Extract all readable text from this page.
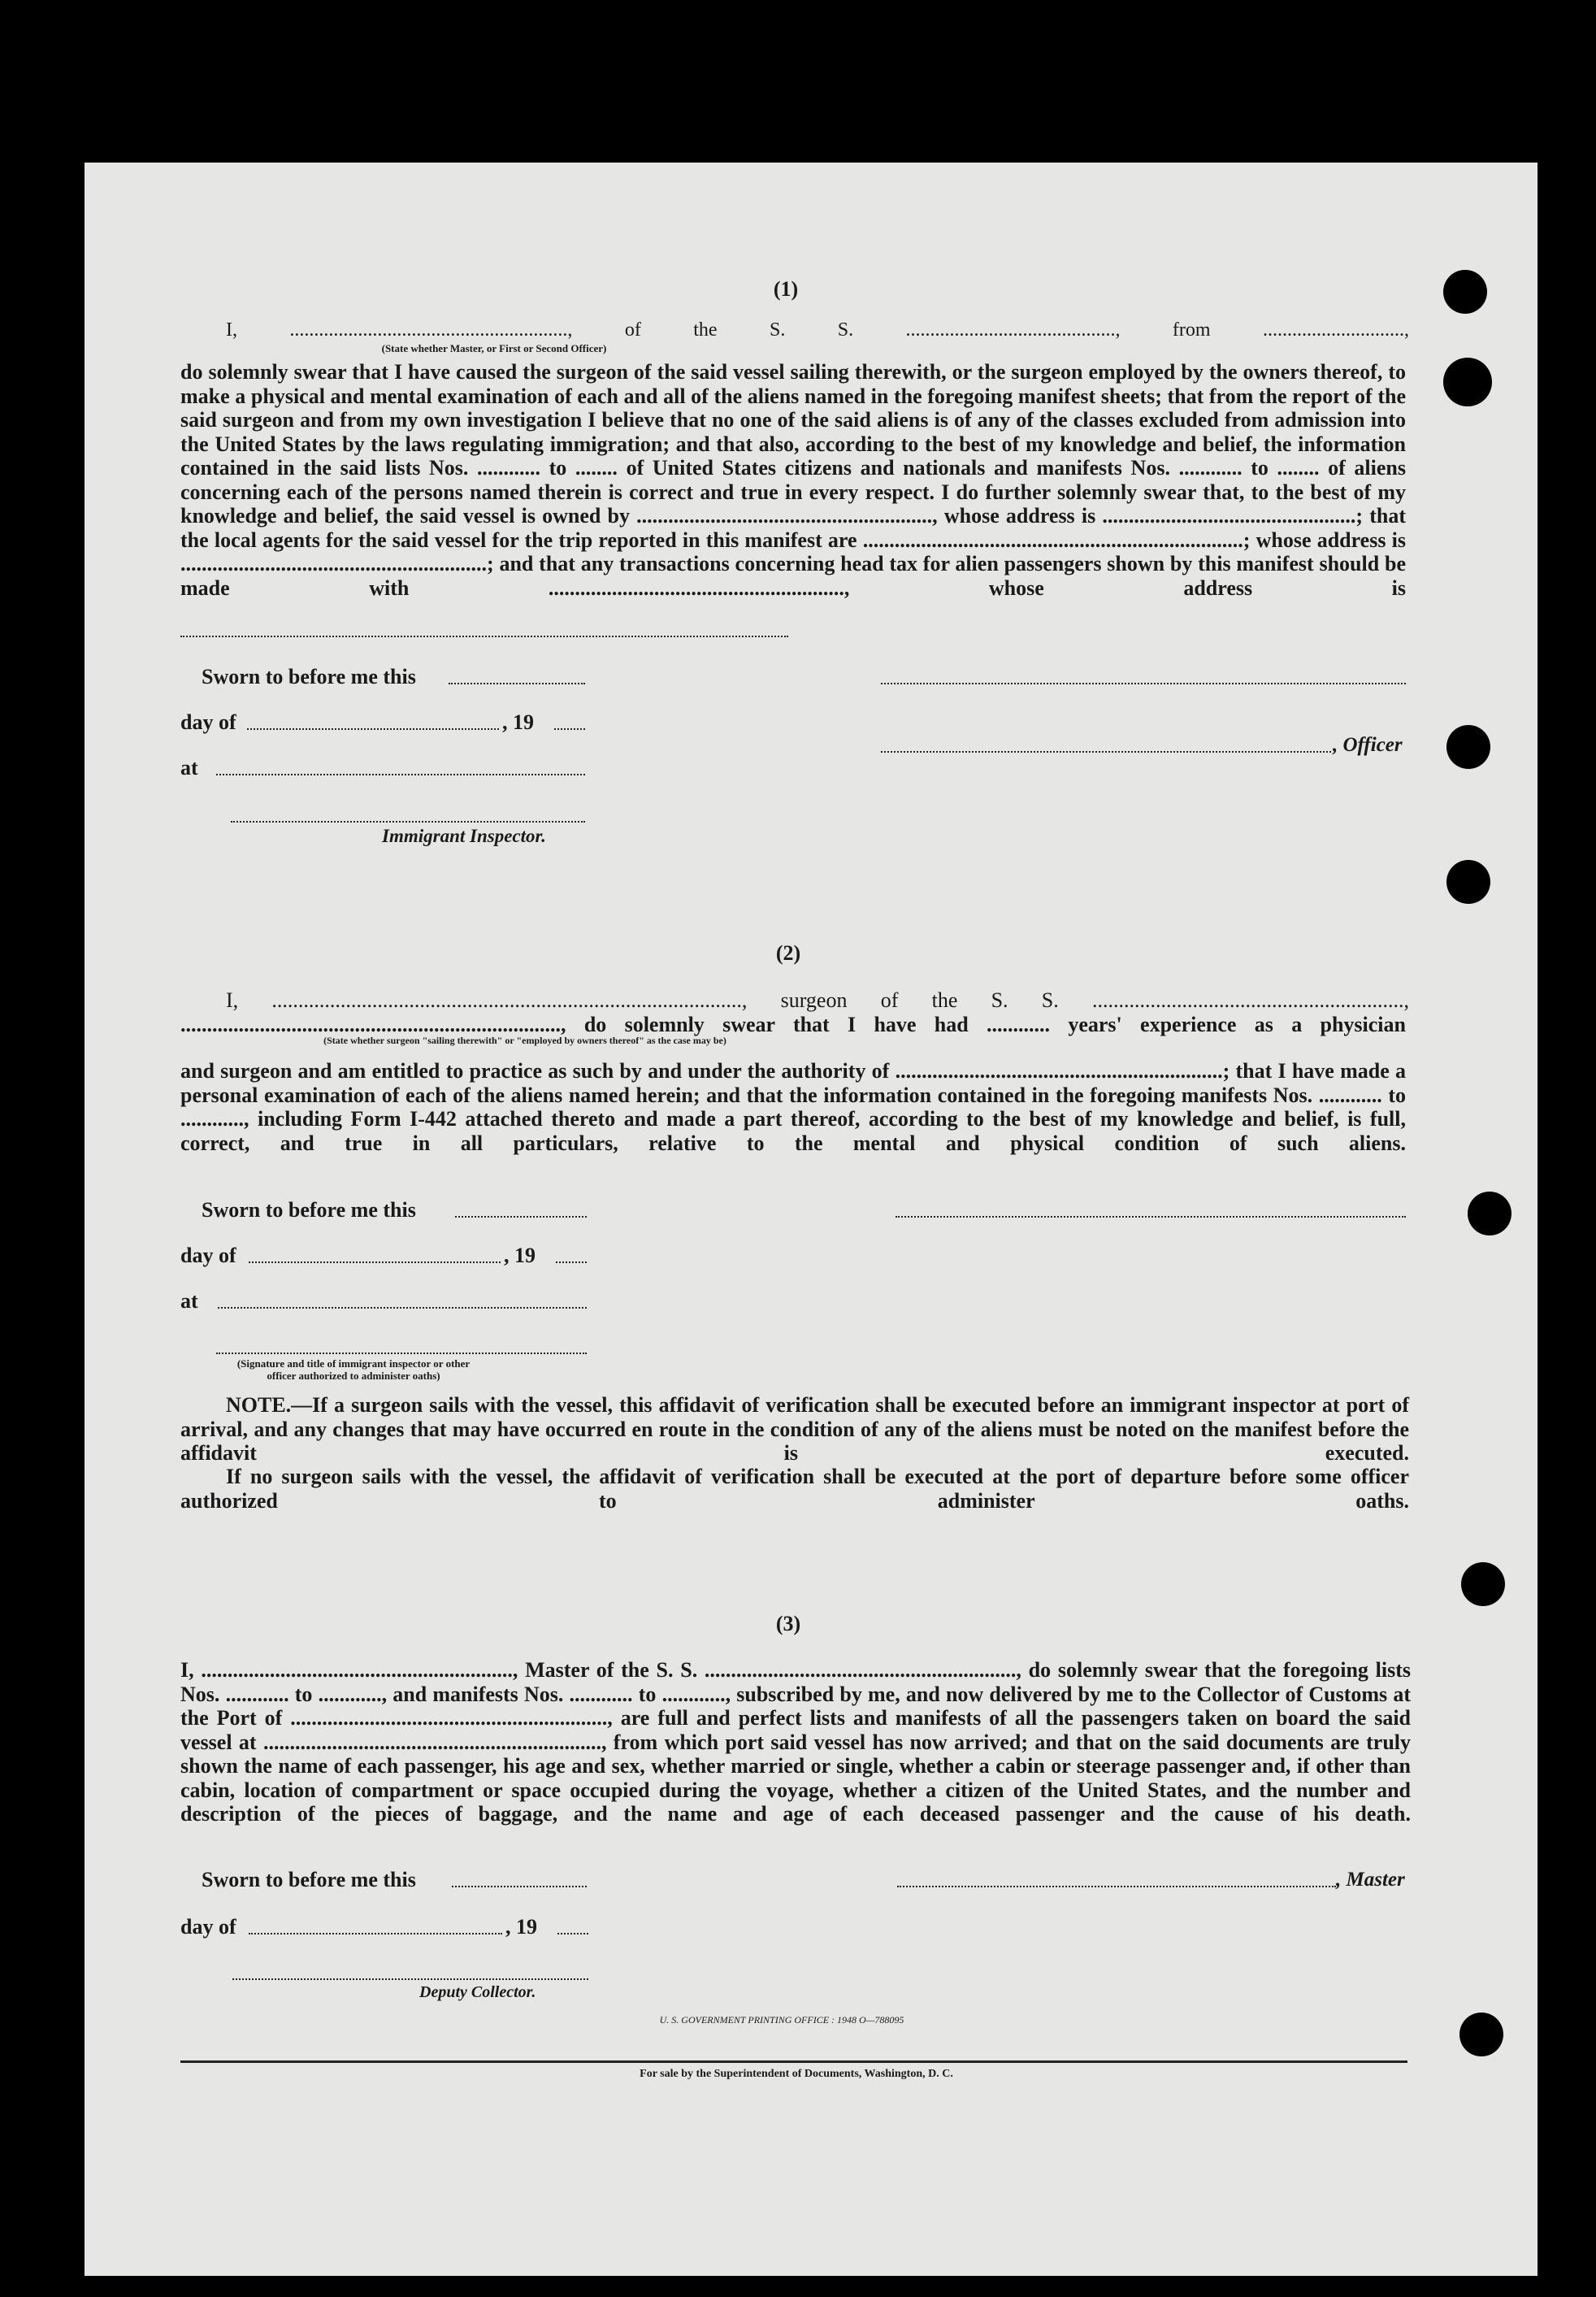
(1)

I, ........................................................., of the S. S. ..........................................., from .............................,

(State whether Master, or First or Second Officer)
do solemnly swear that I have caused the surgeon of the said vessel sailing therewith, or the surgeon employed by the owners thereof, to make a physical and mental examination of each and all of the aliens named in the foregoing manifest sheets; that from the report of the said surgeon and from my own investigation I believe that no one of the said aliens is of any of the classes excluded from admission into the United States by the laws regulating immigration; and that also, according to the best of my knowledge and belief, the information contained in the said lists Nos. ............ to ........ of United States citizens and nationals and manifests Nos. ............ to ........ of aliens concerning each of the persons named therein is correct and true in every respect. I do further solemnly swear that, to the best of my knowledge and belief, the said vessel is owned by ........................................................, whose address is ................................................; that the local agents for the said vessel for the trip reported in this manifest are ........................................................................; whose address is ..........................................................; and that any transactions concerning head tax for alien passengers shown by this manifest should be made with ........................................................, whose address is
Sworn to before me this
day of	, 19
, Officer
at
Immigrant Inspector.
(2)

I, ........................................................................................., surgeon of the S. S. ...........................................................,

........................................................................, do solemnly swear that I have had ............ years' experience as a physician

(State whether surgeon "sailing therewith" or "employed by owners thereof" as the case may be)
and surgeon and am entitled to practice as such by and under the authority of ..............................................................; that I have made a personal examination of each of the aliens named herein; and that the information contained in the foregoing manifests Nos. ............ to ............, including Form I-442 attached thereto and made a part thereof, according to the best of my knowledge and belief, is full, correct, and true in all particulars, relative to the mental and physical condition of such aliens.
Sworn to before me this
day of	, 19
at
(Signature and title of immigrant inspector or other officer authorized to administer oaths)
NOTE.—If a surgeon sails with the vessel, this affidavit of verification shall be executed before an immigrant inspector at port of arrival, and any changes that may have occurred en route in the condition of any of the aliens must be noted on the manifest before the affidavit is executed.
If no surgeon sails with the vessel, the affidavit of verification shall be executed at the port of departure before some officer authorized to administer oaths.
(3)
I, ..........................................................., Master of the S. S. ..........................................................., do solemnly swear that the foregoing lists Nos. ............ to ............, and manifests Nos. ............ to ............, subscribed by me, and now delivered by me to the Collector of Customs at the Port of ............................................................, are full and perfect lists and manifests of all the passengers taken on board the said vessel at ................................................................, from which port said vessel has now arrived; and that on the said documents are truly shown the name of each passenger, his age and sex, whether married or single, whether a cabin or steerage passenger and, if other than cabin, location of compartment or space occupied during the voyage, whether a citizen of the United States, and the number and description of the pieces of baggage, and the name and age of each deceased passenger and the cause of his death.
Sworn to before me this	, Master
day of	, 19
Deputy Collector.
U. S. GOVERNMENT PRINTING OFFICE : 1948 O—788095
For sale by the Superintendent of Documents, Washington, D. C.
